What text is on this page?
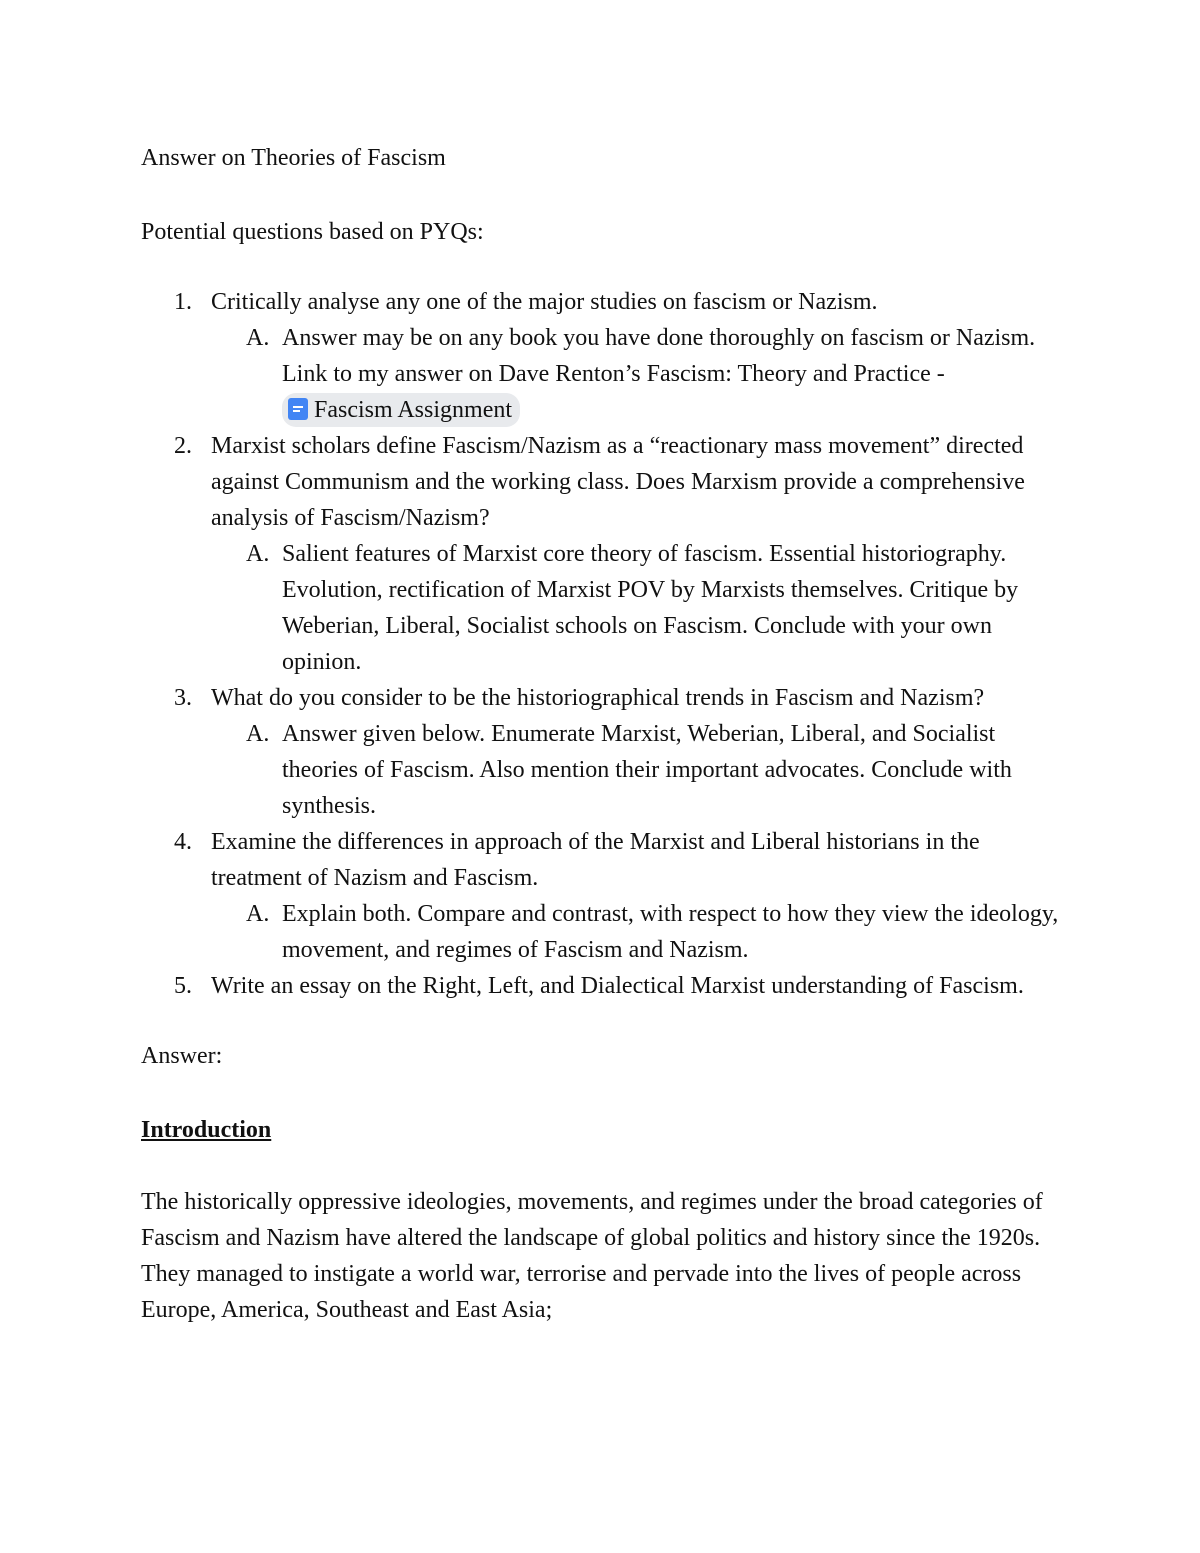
Answer on Theories of Fascism

Potential questions based on PYQs:

1. Critically analyse any one of the major studies on fascism or Nazism.
A. Answer may be on any book you have done thoroughly on fascism or Nazism. Link to my answer on Dave Renton’s Fascism: Theory and Practice - Fascism Assignment
2. Marxist scholars define Fascism/Nazism as a “reactionary mass movement” directed against Communism and the working class. Does Marxism provide a comprehensive analysis of Fascism/Nazism?
A. Salient features of Marxist core theory of fascism. Essential historiography. Evolution, rectification of Marxist POV by Marxists themselves. Critique by Weberian, Liberal, Socialist schools on Fascism. Conclude with your own opinion.
3. What do you consider to be the historiographical trends in Fascism and Nazism?
A. Answer given below. Enumerate Marxist, Weberian, Liberal, and Socialist theories of Fascism. Also mention their important advocates. Conclude with synthesis.
4. Examine the differences in approach of the Marxist and Liberal historians in the treatment of Nazism and Fascism.
A. Explain both. Compare and contrast, with respect to how they view the ideology, movement, and regimes of Fascism and Nazism.
5. Write an essay on the Right, Left, and Dialectical Marxist understanding of Fascism.

Answer:

Introduction

The historically oppressive ideologies, movements, and regimes under the broad categories of Fascism and Nazism have altered the landscape of global politics and history since the 1920s. They managed to instigate a world war, terrorise and pervade into the lives of people across Europe, America, Southeast and East Asia;
